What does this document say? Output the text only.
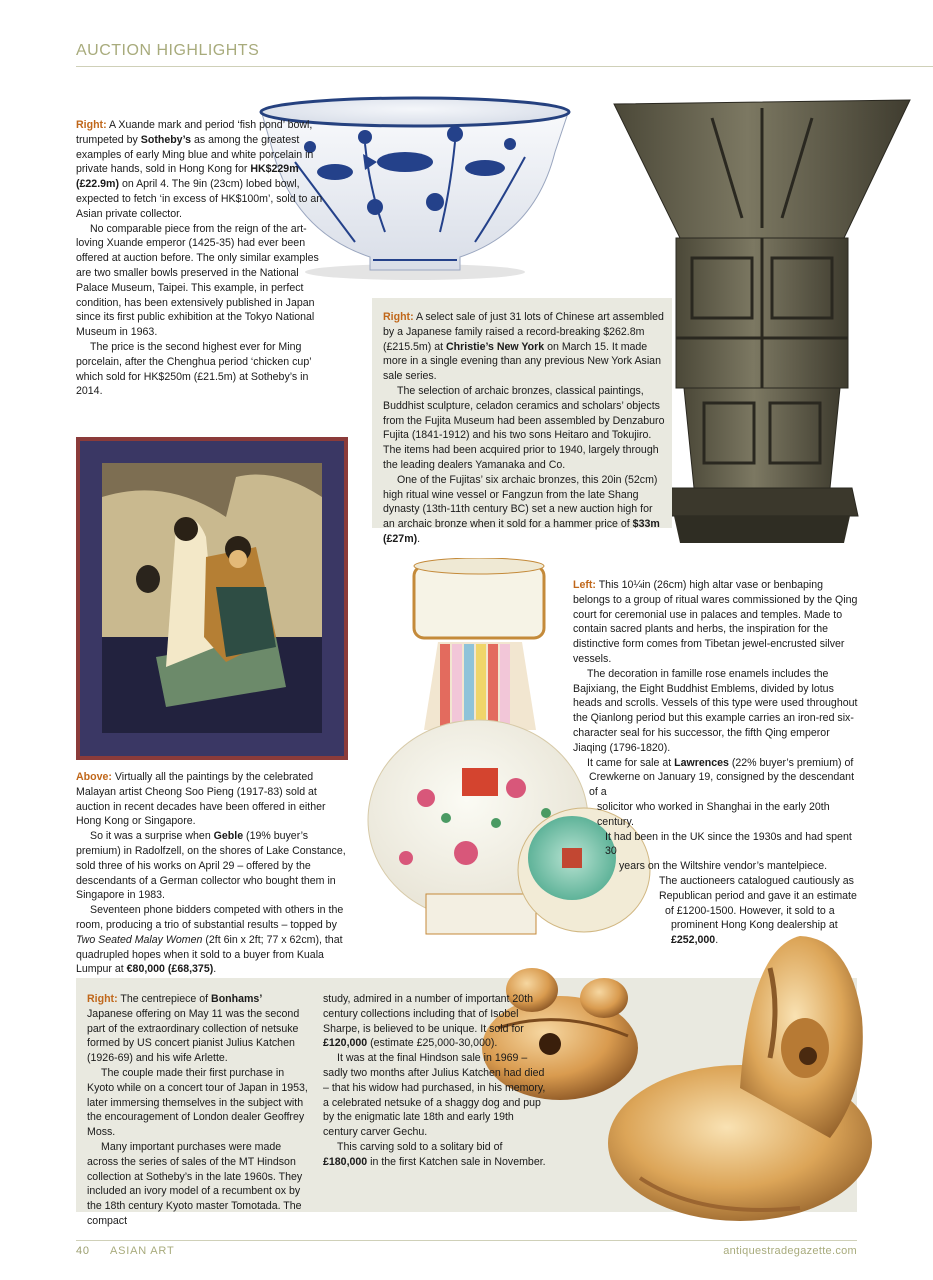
AUCTION HIGHLIGHTS

Right: A Xuande mark and period ‘fish pond’ bowl, trumpeted by Sotheby’s as among the greatest examples of early Ming blue and white porcelain in private hands, sold in Hong Kong for HK$229m (£22.9m) on April 4. The 9in (23cm) lobed bowl, expected to fetch ‘in excess of HK$100m’, sold to an Asian private collector.

No comparable piece from the reign of the art-loving Xuande emperor (1425-35) had ever been offered at auction before. The only similar examples are two smaller bowls preserved in the National Palace Museum, Taipei. This example, in perfect condition, has been extensively published in Japan since its first public exhibition at the Tokyo National Museum in 1963.

The price is the second highest ever for Ming porcelain, after the Chenghua period ‘chicken cup’ which sold for HK$250m (£21.5m) at Sotheby’s in 2014.

Right: A select sale of just 31 lots of Chinese art assembled by a Japanese family raised a record-breaking $262.8m (£215.5m) at Christie’s New York on March 15. It made more in a single evening than any previous New York Asian sale series.

The selection of archaic bronzes, classical paintings, Buddhist sculpture, celadon ceramics and scholars’ objects from the Fujita Museum had been assembled by Denzaburo Fujita (1841-1912) and his two sons Heitaro and Tokujiro. The items had been acquired prior to 1940, largely through the leading dealers Yamanaka and Co.

One of the Fujitas’ six archaic bronzes, this 20in (52cm) high ritual wine vessel or Fangzun from the late Shang dynasty (13th-11th century BC) set a new auction high for an archaic bronze when it sold for a hammer price of $33m (£27m).

Left: This 10¼in (26cm) high altar vase or benbaping belongs to a group of ritual wares commissioned by the Qing court for ceremonial use in palaces and temples. Made to contain sacred plants and herbs, the inspiration for the distinctive form comes from Tibetan jewel-encrusted silver vessels.

The decoration in famille rose enamels includes the Bajixiang, the Eight Buddhist Emblems, divided by lotus heads and scrolls. Vessels of this type were used throughout the Qianlong period but this example carries an iron-red six-character seal for his successor, the fifth Qing emperor Jiaqing (1796-1820).

It came for sale at Lawrences (22% buyer’s premium) of

Crewkerne on January 19, consigned by the descendant of a

solicitor who worked in Shanghai in the early 20th century.

It had been in the UK since the 1930s and had spent 30

years on the Wiltshire vendor’s mantelpiece.

The auctioneers catalogued cautiously as

Republican period and gave it an estimate

of £1200-1500. However, it sold to a

prominent Hong Kong dealership at

£252,000.

Above: Virtually all the paintings by the celebrated Malayan artist Cheong Soo Pieng (1917-83) sold at auction in recent decades have been offered in either Hong Kong or Singapore.

So it was a surprise when Geble (19% buyer’s premium) in Radolfzell, on the shores of Lake Constance, sold three of his works on April 29 – offered by the descendants of a German collector who bought them in Singapore in 1983.

Seventeen phone bidders competed with others in the room, producing a trio of substantial results – topped by Two Seated Malay Women (2ft 6in x 2ft; 77 x 62cm), that quadrupled hopes when it sold to a buyer from Kuala Lumpur at €80,000 (£68,375).

Right: The centrepiece of Bonhams’ Japanese offering on May 11 was the second part of the extraordinary collection of netsuke formed by US concert pianist Julius Katchen (1926-69) and his wife Arlette.

The couple made their first purchase in Kyoto while on a concert tour of Japan in 1953, later immersing themselves in the subject with the encouragement of London dealer Geoffrey Moss.

Many important purchases were made across the series of sales of the MT Hindson collection at Sotheby’s in the late 1960s. They included an ivory model of a recumbent ox by the 18th century Kyoto master Tomotada. The compact

study, admired in a number of important 20th century collections including that of Isobel Sharpe, is believed to be unique. It sold for £120,000 (estimate £25,000-30,000).

It was at the final Hindson sale in 1969 – sadly two months after Julius Katchen had died – that his widow had purchased, in his memory, a celebrated netsuke of a shaggy dog and pup by the enigmatic late 18th and early 19th century carver Gechu.

This carving sold to a solitary bid of £180,000 in the first Katchen sale in November.

40 ASIAN ART	antiquestradegazette.com
